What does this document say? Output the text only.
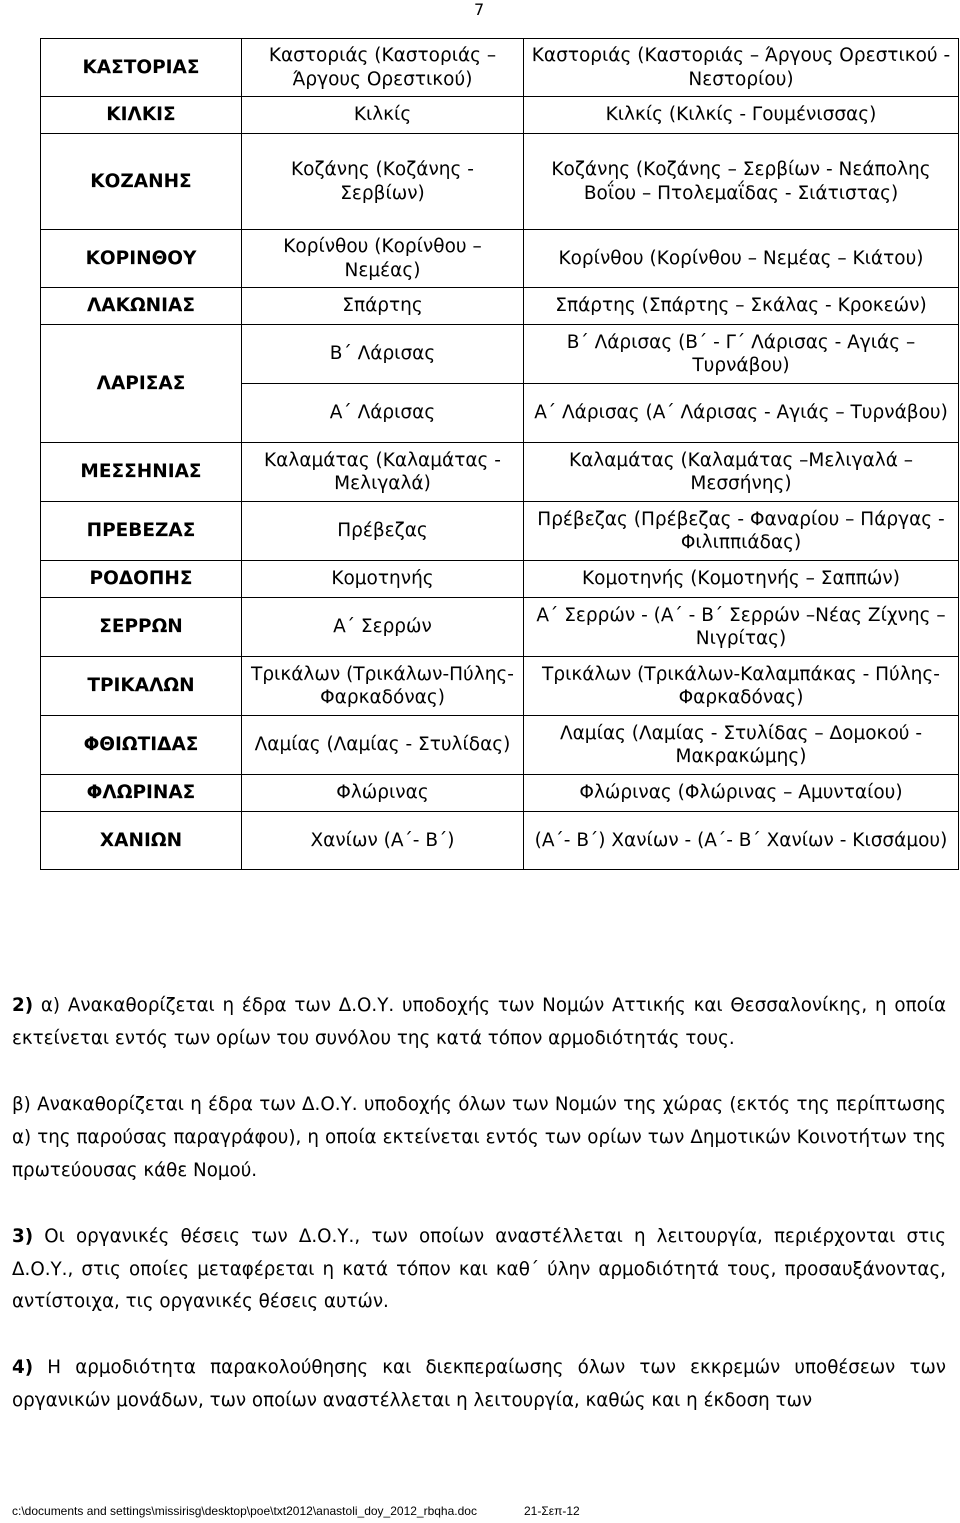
7
ΚΑΣΤΟΡΙΑΣ	Καστοριάς (Καστοριάς – Άργους Ορεστικού)	Καστοριάς (Καστοριάς – Άργους Ορεστικού - Νεστορίου)
ΚΙΛΚΙΣ	Κιλκίς	Κιλκίς (Κιλκίς - Γουμένισσας)
ΚΟΖΑΝΗΣ	Κοζάνης (Κοζάνης - Σερβίων)	Κοζάνης (Κοζάνης – Σερβίων - Νεάπολης Βοΐου – Πτολεμαΐδας - Σιάτιστας)
ΚΟΡΙΝΘΟΥ	Κορίνθου (Κορίνθου – Νεμέας)	Κορίνθου (Κορίνθου – Νεμέας – Κιάτου)
ΛΑΚΩΝΙΑΣ	Σπάρτης	Σπάρτης (Σπάρτης – Σκάλας - Κροκεών)
ΛΑΡΙΣΑΣ	Β΄ Λάρισας	Β΄ Λάρισας (Β΄ - Γ΄ Λάρισας - Αγιάς – Τυρνάβου)
	Α΄ Λάρισας	Α΄ Λάρισας (Α΄ Λάρισας - Αγιάς – Τυρνάβου)
ΜΕΣΣΗΝΙΑΣ	Καλαμάτας (Καλαμάτας - Μελιγαλά)	Καλαμάτας (Καλαμάτας –Μελιγαλά – Μεσσήνης)
ΠΡΕΒΕΖΑΣ	Πρέβεζας	Πρέβεζας (Πρέβεζας - Φαναρίου – Πάργας - Φιλιππιάδας)
ΡΟΔΟΠΗΣ	Κομοτηνής	Κομοτηνής (Κομοτηνής – Σαππών)
ΣΕΡΡΩΝ	Α΄ Σερρών	Α΄ Σερρών - (Α΄ - Β΄ Σερρών –Νέας Ζίχνης – Νιγρίτας)
ΤΡΙΚΑΛΩΝ	Τρικάλων (Τρικάλων-Πύλης-Φαρκαδόνας)	Τρικάλων (Τρικάλων-Καλαμπάκας - Πύλης-Φαρκαδόνας)
ΦΘΙΩΤΙΔΑΣ	Λαμίας (Λαμίας - Στυλίδας)	Λαμίας (Λαμίας - Στυλίδας – Δομοκού - Μακρακώμης)
ΦΛΩΡΙΝΑΣ	Φλώρινας	Φλώρινας (Φλώρινας – Αμυνταίου)
ΧΑΝΙΩΝ	Χανίων (Α΄- Β΄)	(Α΄- Β΄) Χανίων - (Α΄- Β΄ Χανίων - Κισσάμου)

2) α) Ανακαθορίζεται η έδρα των Δ.Ο.Υ. υποδοχής των Νομών Αττικής και Θεσσαλονίκης, η οποία εκτείνεται εντός των ορίων του συνόλου της κατά τόπον αρμοδιότητάς τους.

β) Ανακαθορίζεται η έδρα των Δ.Ο.Υ. υποδοχής όλων των Νομών της χώρας (εκτός της περίπτωσης α) της παρούσας παραγράφου), η οποία εκτείνεται εντός των ορίων των Δημοτικών Κοινοτήτων της πρωτεύουσας κάθε Νομού.

3) Οι οργανικές θέσεις των Δ.Ο.Υ., των οποίων αναστέλλεται η λειτουργία, περιέρχονται στις Δ.Ο.Υ., στις οποίες μεταφέρεται η κατά τόπον και καθ΄ ύλην αρμοδιότητά τους, προσαυξάνοντας, αντίστοιχα, τις οργανικές θέσεις αυτών.

4) Η αρμοδιότητα παρακολούθησης και διεκπεραίωσης όλων των εκκρεμών υποθέσεων των οργανικών μονάδων, των οποίων αναστέλλεται η λειτουργία, καθώς και η έκδοση των

c:\documents and settings\missirisg\desktop\poe\txt2012\anastoli_doy_2012_rbqha.doc	21-Σεπ-12
